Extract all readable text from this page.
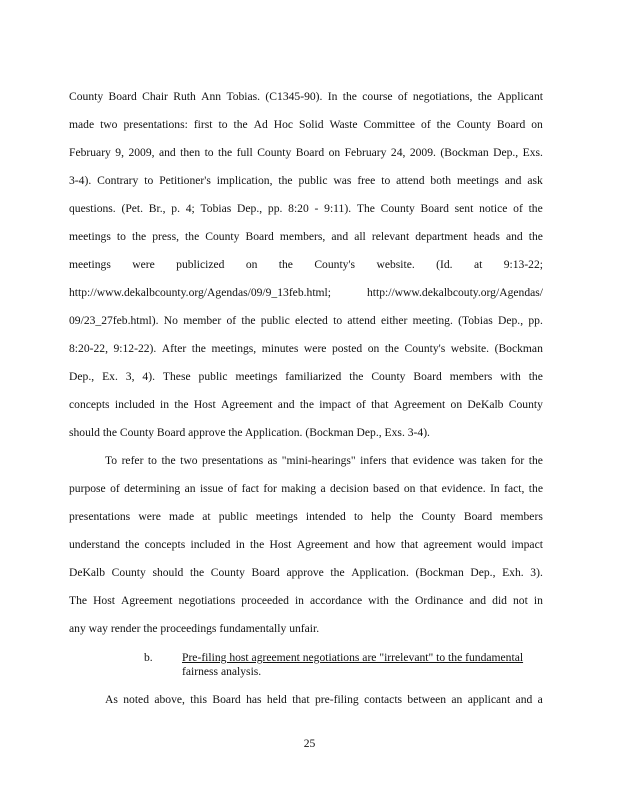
County Board Chair Ruth Ann Tobias. (C1345-90). In the course of negotiations, the Applicant
made two presentations: first to the Ad Hoc Solid Waste Committee of the County Board on
February 9, 2009, and then to the full County Board on February 24, 2009. (Bockman Dep., Exs.
3-4). Contrary to Petitioner's implication, the public was free to attend both meetings and ask
questions. (Pet. Br., p. 4; Tobias Dep., pp. 8:20 - 9:11). The County Board sent notice of the
meetings to the press, the County Board members, and all relevant department heads and the
meetings were publicized on the County's website. (Id. at 9:13-22;
http://www.dekalbcounty.org/Agendas/09/9_13feb.html;	http://www.dekalbcouty.org/Agendas/
09/23_27feb.html). No member of the public elected to attend either meeting. (Tobias Dep., pp.
8:20-22, 9:12-22). After the meetings, minutes were posted on the County's website. (Bockman
Dep., Ex. 3, 4). These public meetings familiarized the County Board members with the
concepts included in the Host Agreement and the impact of that Agreement on DeKalb County
should the County Board approve the Application. (Bockman Dep., Exs. 3-4).
To refer to the two presentations as "mini-hearings" infers that evidence was taken for the
purpose of determining an issue of fact for making a decision based on that evidence. In fact, the
presentations were made at public meetings intended to help the County Board members
understand the concepts included in the Host Agreement and how that agreement would impact
DeKalb County should the County Board approve the Application. (Bockman Dep., Exh. 3).
The Host Agreement negotiations proceeded in accordance with the Ordinance and did not in
any way render the proceedings fundamentally unfair.
b.	Pre-filing host agreement negotiations are "irrelevant" to the fundamental
fairness analysis.
As noted above, this Board has held that pre-filing contacts between an applicant and a
25
